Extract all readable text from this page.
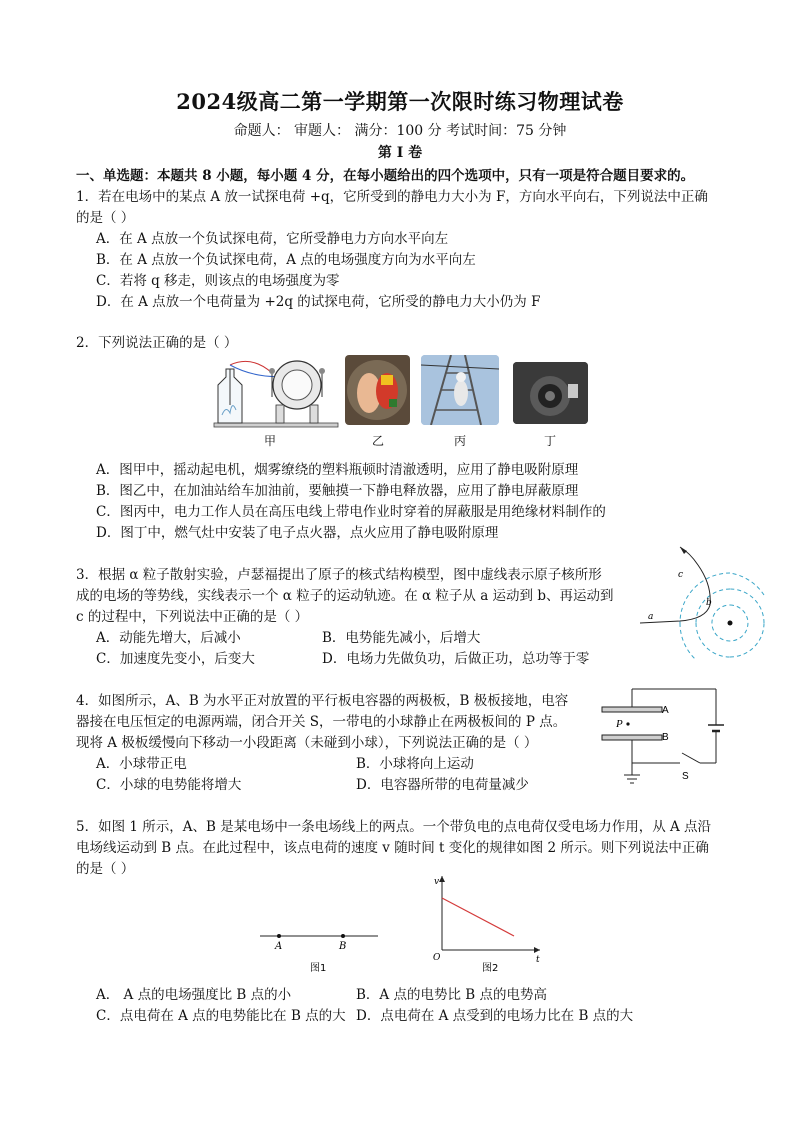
2024级高二第一学期第一次限时练习物理试卷
命题人： 审题人： 满分：100 分 考试时间：75 分钟
第 I 卷
一、单选题：本题共 8 小题，每小题 4 分，在每小题给出的四个选项中，只有一项是符合题目要求的。
1．若在电场中的某点 A 放一试探电荷 +q，它所受到的静电力大小为 F，方向水平向右，下列说法中正确
的是（ ）
A．在 A 点放一个负试探电荷，它所受静电力方向水平向左
B．在 A 点放一个负试探电荷，A 点的电场强度方向为水平向左
C．若将 q 移走，则该点的电场强度为零
D．在 A 点放一个电荷量为 +2q 的试探电荷，它所受的静电力大小仍为 F
2．下列说法正确的是（ ）
甲	乙	丙	丁
A．图甲中，摇动起电机，烟雾缭绕的塑料瓶顿时清澈透明，应用了静电吸附原理
B．图乙中，在加油站给车加油前，要触摸一下静电释放器，应用了静电屏蔽原理
C．图丙中，电力工作人员在高压电线上带电作业时穿着的屏蔽服是用绝缘材料制作的
D．图丁中，燃气灶中安装了电子点火器，点火应用了静电吸附原理
3．根据 α 粒子散射实验，卢瑟福提出了原子的核式结构模型，图中虚线表示原子核所形
成的电场的等势线，实线表示一个 α 粒子的运动轨迹。在 α 粒子从 a 运动到 b、再运动到
c 的过程中，下列说法中正确的是（ ）
A．动能先增大，后减小	B．电势能先减小，后增大
C．加速度先变小，后变大	D．电场力先做负功，后做正功，总功等于零
a
b
c
4．如图所示，A、B 为水平正对放置的平行板电容器的两极板，B 极板接地，电容
器接在电压恒定的电源两端，闭合开关 S，一带电的小球静止在两极板间的 P 点。
现将 A 极板缓慢向下移动一小段距离（未碰到小球），下列说法正确的是（ ）
A．小球带正电	B．小球将向上运动
C．小球的电势能将增大	D．电容器所带的电荷量减少
A
B
P
S
5．如图 1 所示，A、B 是某电场中一条电场线上的两点。一个带负电的点电荷仅受电场力作用，从 A 点沿
电场线运动到 B 点。在此过程中，该点电荷的速度 v 随时间 t 变化的规律如图 2 所示。则下列说法中正确
的是（ ）
A	B
图1
v
t
O
图2
A． A 点的电场强度比 B 点的小	B．A 点的电势比 B 点的电势高
C．点电荷在 A 点的电势能比在 B 点的大 D．点电荷在 A 点受到的电场力比在 B 点的大
